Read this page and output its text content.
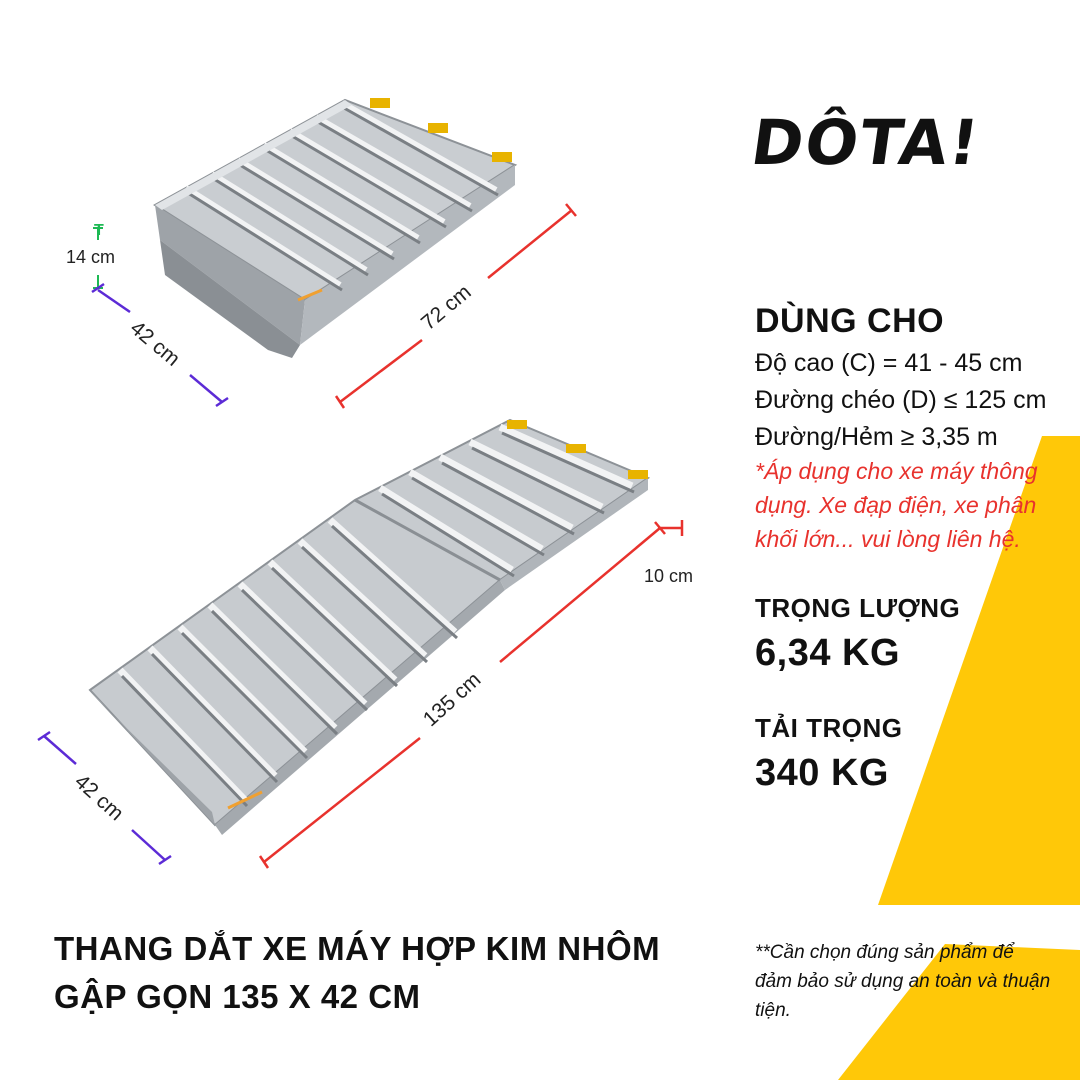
T
14 cm
42 cm
72 cm
42 cm
135 cm
10 cm
DÔTA!
DÙNG CHO
Độ cao (C) = 41 - 45 cm
Đường chéo (D) ≤ 125 cm
Đường/Hẻm ≥ 3,35 m
*Áp dụng cho xe máy thông dụng. Xe đạp điện, xe phân khối lớn... vui lòng liên hệ.
TRỌNG LƯỢNG
6,34 KG
TẢI TRỌNG
340 KG
THANG DẮT XE MÁY HỢP KIM NHÔM
GẬP GỌN 135 X 42 CM
**Cần chọn đúng sản phẩm để đảm bảo sử dụng an toàn và thuận tiện.
